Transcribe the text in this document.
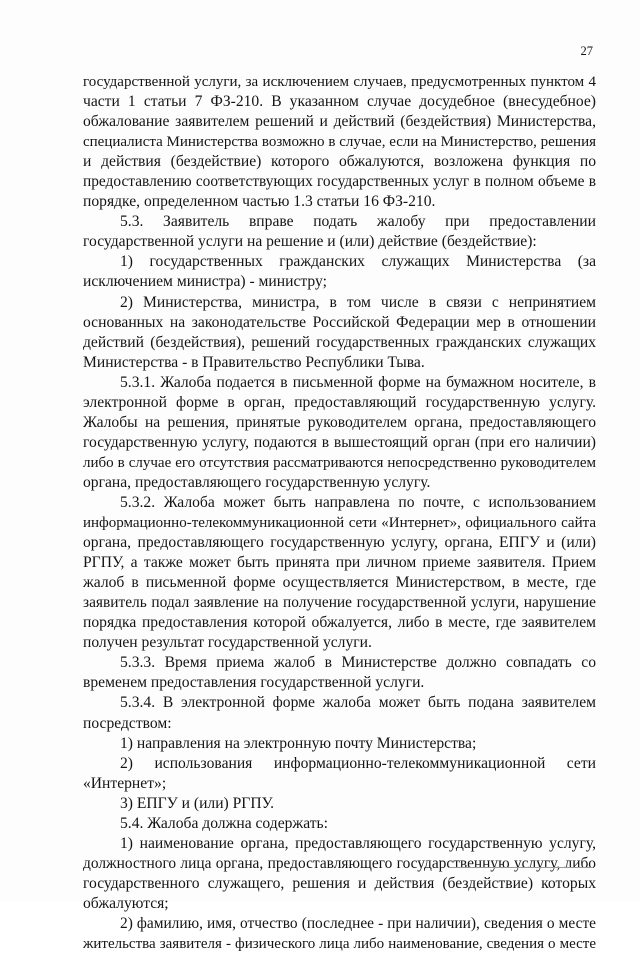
27
государственной услуги, за исключением случаев, предусмотренных пунктом 4
части 1 статьи 7 ФЗ-210. В указанном случае досудебное (внесудебное)
обжалование заявителем решений и действий (бездействия) Министерства,
специалиста Министерства возможно в случае, если на Министерство, решения
и действия (бездействие) которого обжалуются, возложена функция по
предоставлению соответствующих государственных услуг в полном объеме в
порядке, определенном частью 1.3 статьи 16 ФЗ-210.
5.3. Заявитель вправе подать жалобу при предоставлении
государственной услуги на решение и (или) действие (бездействие):
1) государственных гражданских служащих Министерства (за
исключением министра) - министру;
2) Министерства, министра, в том числе в связи с непринятием
основанных на законодательстве Российской Федерации мер в отношении
действий (бездействия), решений государственных гражданских служащих
Министерства - в Правительство Республики Тыва.
5.3.1. Жалоба подается в письменной форме на бумажном носителе, в
электронной форме в орган, предоставляющий государственную услугу.
Жалобы на решения, принятые руководителем органа, предоставляющего
государственную услугу, подаются в вышестоящий орган (при его наличии)
либо в случае его отсутствия рассматриваются непосредственно руководителем
органа, предоставляющего государственную услугу.
5.3.2. Жалоба может быть направлена по почте, с использованием
информационно-телекоммуникационной сети «Интернет», официального сайта
органа, предоставляющего государственную услугу, органа, ЕПГУ и (или)
РГПУ, а также может быть принята при личном приеме заявителя. Прием
жалоб в письменной форме осуществляется Министерством, в месте, где
заявитель подал заявление на получение государственной услуги, нарушение
порядка предоставления которой обжалуется, либо в месте, где заявителем
получен результат государственной услуги.
5.3.3. Время приема жалоб в Министерстве должно совпадать со
временем предоставления государственной услуги.
5.3.4. В электронной форме жалоба может быть подана заявителем
посредством:
1) направления на электронную почту Министерства;
2) использования информационно-телекоммуникационной сети
«Интернет»;
3) ЕПГУ и (или) РГПУ.
5.4. Жалоба должна содержать:
1) наименование органа, предоставляющего государственную услугу,
должностного лица органа, предоставляющего государственную услугу, либо
государственного служащего, решения и действия (бездействие) которых
обжалуются;
2) фамилию, имя, отчество (последнее - при наличии), сведения о месте
жительства заявителя - физического лица либо наименование, сведения о месте
